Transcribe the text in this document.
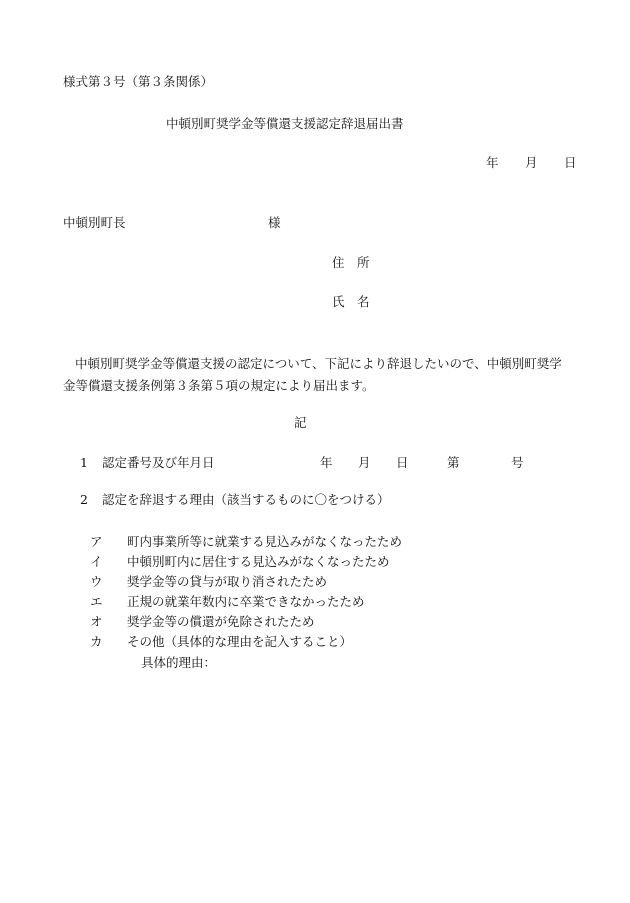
様式第３号（第３条関係）
中頓別町奨学金等償還支援認定辞退届出書
年 月 日
中頓別町長	様
住　所
氏　名
中頓別町奨学金等償還支援の認定について、下記により辞退したいので、中頓別町奨学
金等償還支援条例第３条第５項の規定により届出ます。
記
1 認定番号及び年月日	年 月 日	第	号
2 認定を辞退する理由（該当するものに〇をつける）
ア 町内事業所等に就業する見込みがなくなったため
イ 中頓別町内に居住する見込みがなくなったため
ウ 奨学金等の貸与が取り消されたため
エ 正規の就業年数内に卒業できなかったため
オ 奨学金等の償還が免除されたため
カ その他（具体的な理由を記入すること）
具体的理由：
